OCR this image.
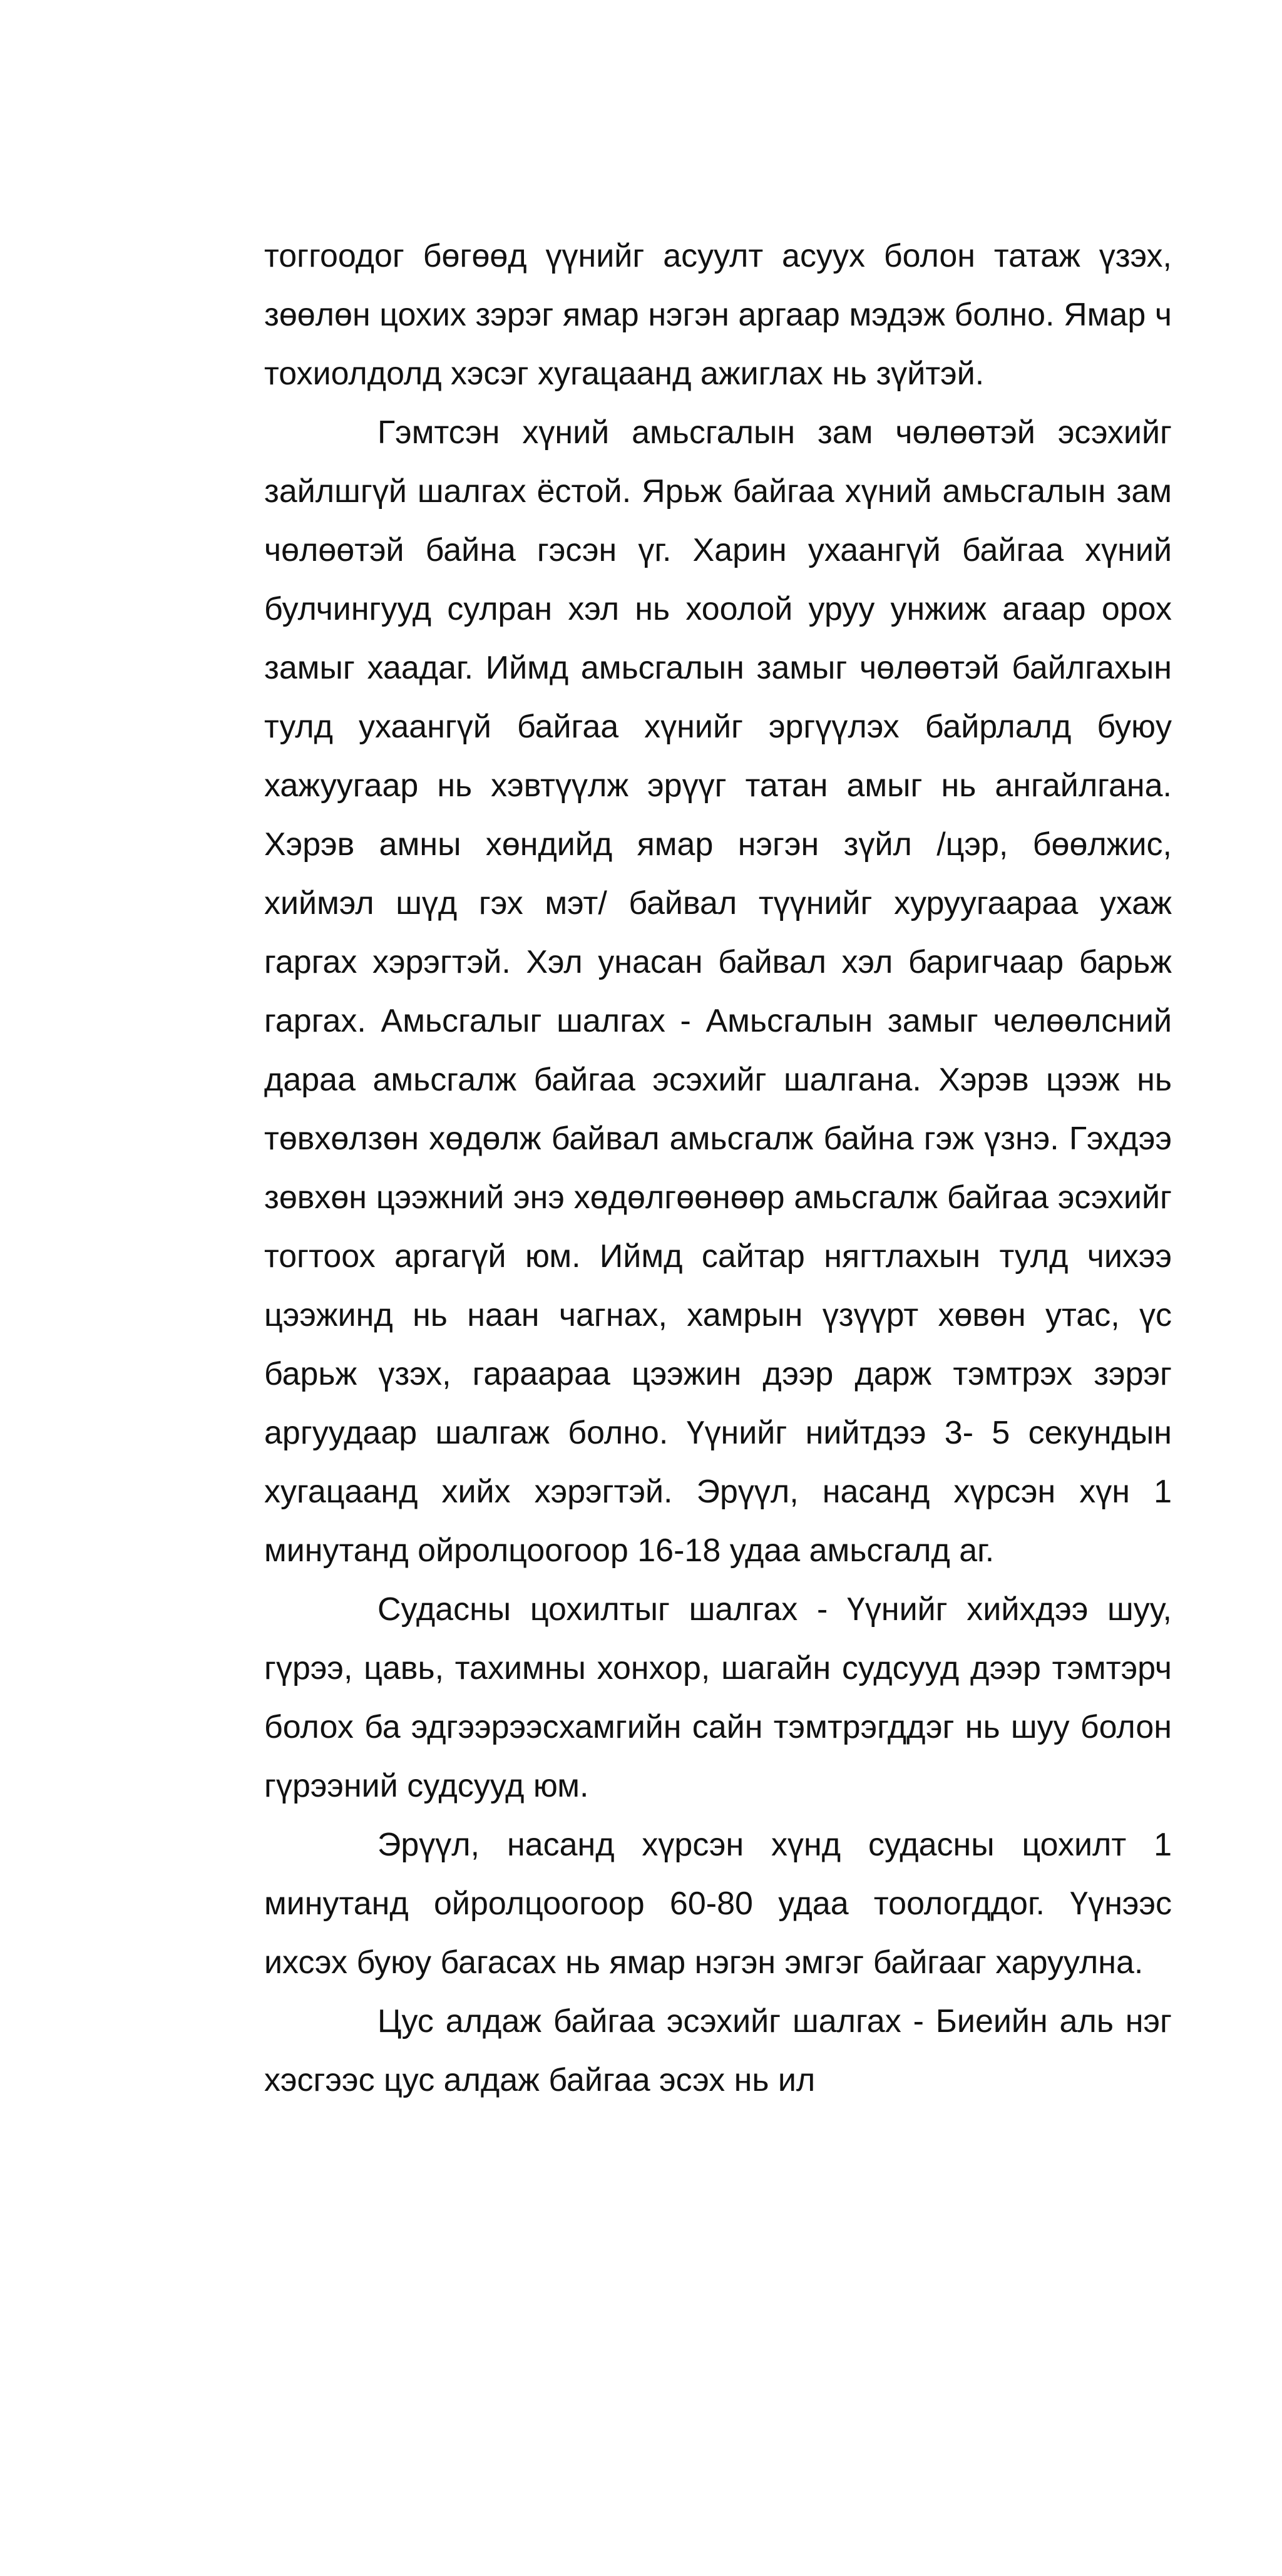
тоггоодог бөгөөд үүнийг асуулт асуух болон татаж үзэх, зөөлөн цохих зэрэг ямар нэгэн аргаар мэдэж болно. Ямар ч тохиолдолд хэсэг хугацаанд ажиглах нь зүйтэй.

Гэмтсэн хүний амьсгалын зам чөлөөтэй эсэхийг зайлшгүй шалгах ёстой. Ярьж байгаа хүний амьсгалын зам чөлөөтэй байна гэсэн үг. Харин ухаангүй байгаа хүний булчингууд сулран хэл нь хоолой уруу унжиж агаар орох замыг хаадаг. Иймд амьсгалын замыг чөлөөтэй байлгахын тулд ухаангүй байгаа хүнийг эргүүлэх байрлалд буюу хажуугаар нь хэвтүүлж эрүүг татан амыг нь ангайлгана. Хэрэв амны хөндийд ямар нэгэн зүйл /цэр, бөөлжис, хиймэл шүд гэх мэт/ байвал түүнийг хуруугаараа ухаж гаргах хэрэгтэй. Хэл унасан байвал хэл баригчаар барьж гаргах. Амьсгалыг шалгах - Амьсгалын замыг челөөлсний дараа амьсгалж байгаа эсэхийг шалгана. Хэрэв цээж нь төвхөлзөн хөдөлж байвал амьсгалж байна гэж үзнэ. Гэхдээ зөвхөн цээжний энэ хөдөлгөөнөөр амьсгалж байгаа эсэхийг тогтоох аргагүй юм. Иймд сайтар нягтлахын тулд чихээ цээжинд нь наан чагнах, хамрын үзүүрт хөвөн утас, үс барьж үзэх, гараараа цээжин дээр дарж тэмтрэх зэрэг аргуудаар шалгаж болно. Үүнийг нийтдээ 3- 5 секундын хугацаанд хийх хэрэгтэй. Эрүүл, насанд хүрсэн хүн 1 минутанд ойролцоогоор 16-18 удаа амьсгалд аг.

Судасны цохилтыг шалгах - Үүнийг хийхдээ шуу, гүрээ, цавь, тахимны хонхор, шагайн судсууд дээр тэмтэрч болох ба эдгээрээсхамгийн сайн тэмтрэгддэг нь шуу болон гүрээний судсууд юм.

Эрүүл, насанд хүрсэн хүнд судасны цохилт 1 минутанд ойролцоогоор 60-80 удаа тоологддог. Үүнээс ихсэх буюу багасах нь ямар нэгэн эмгэг байгааг харуулна.

Цус алдаж байгаа эсэхийг шалгах - Биеийн аль нэг хэсгээс цус алдаж байгаа эсэх нь ил
